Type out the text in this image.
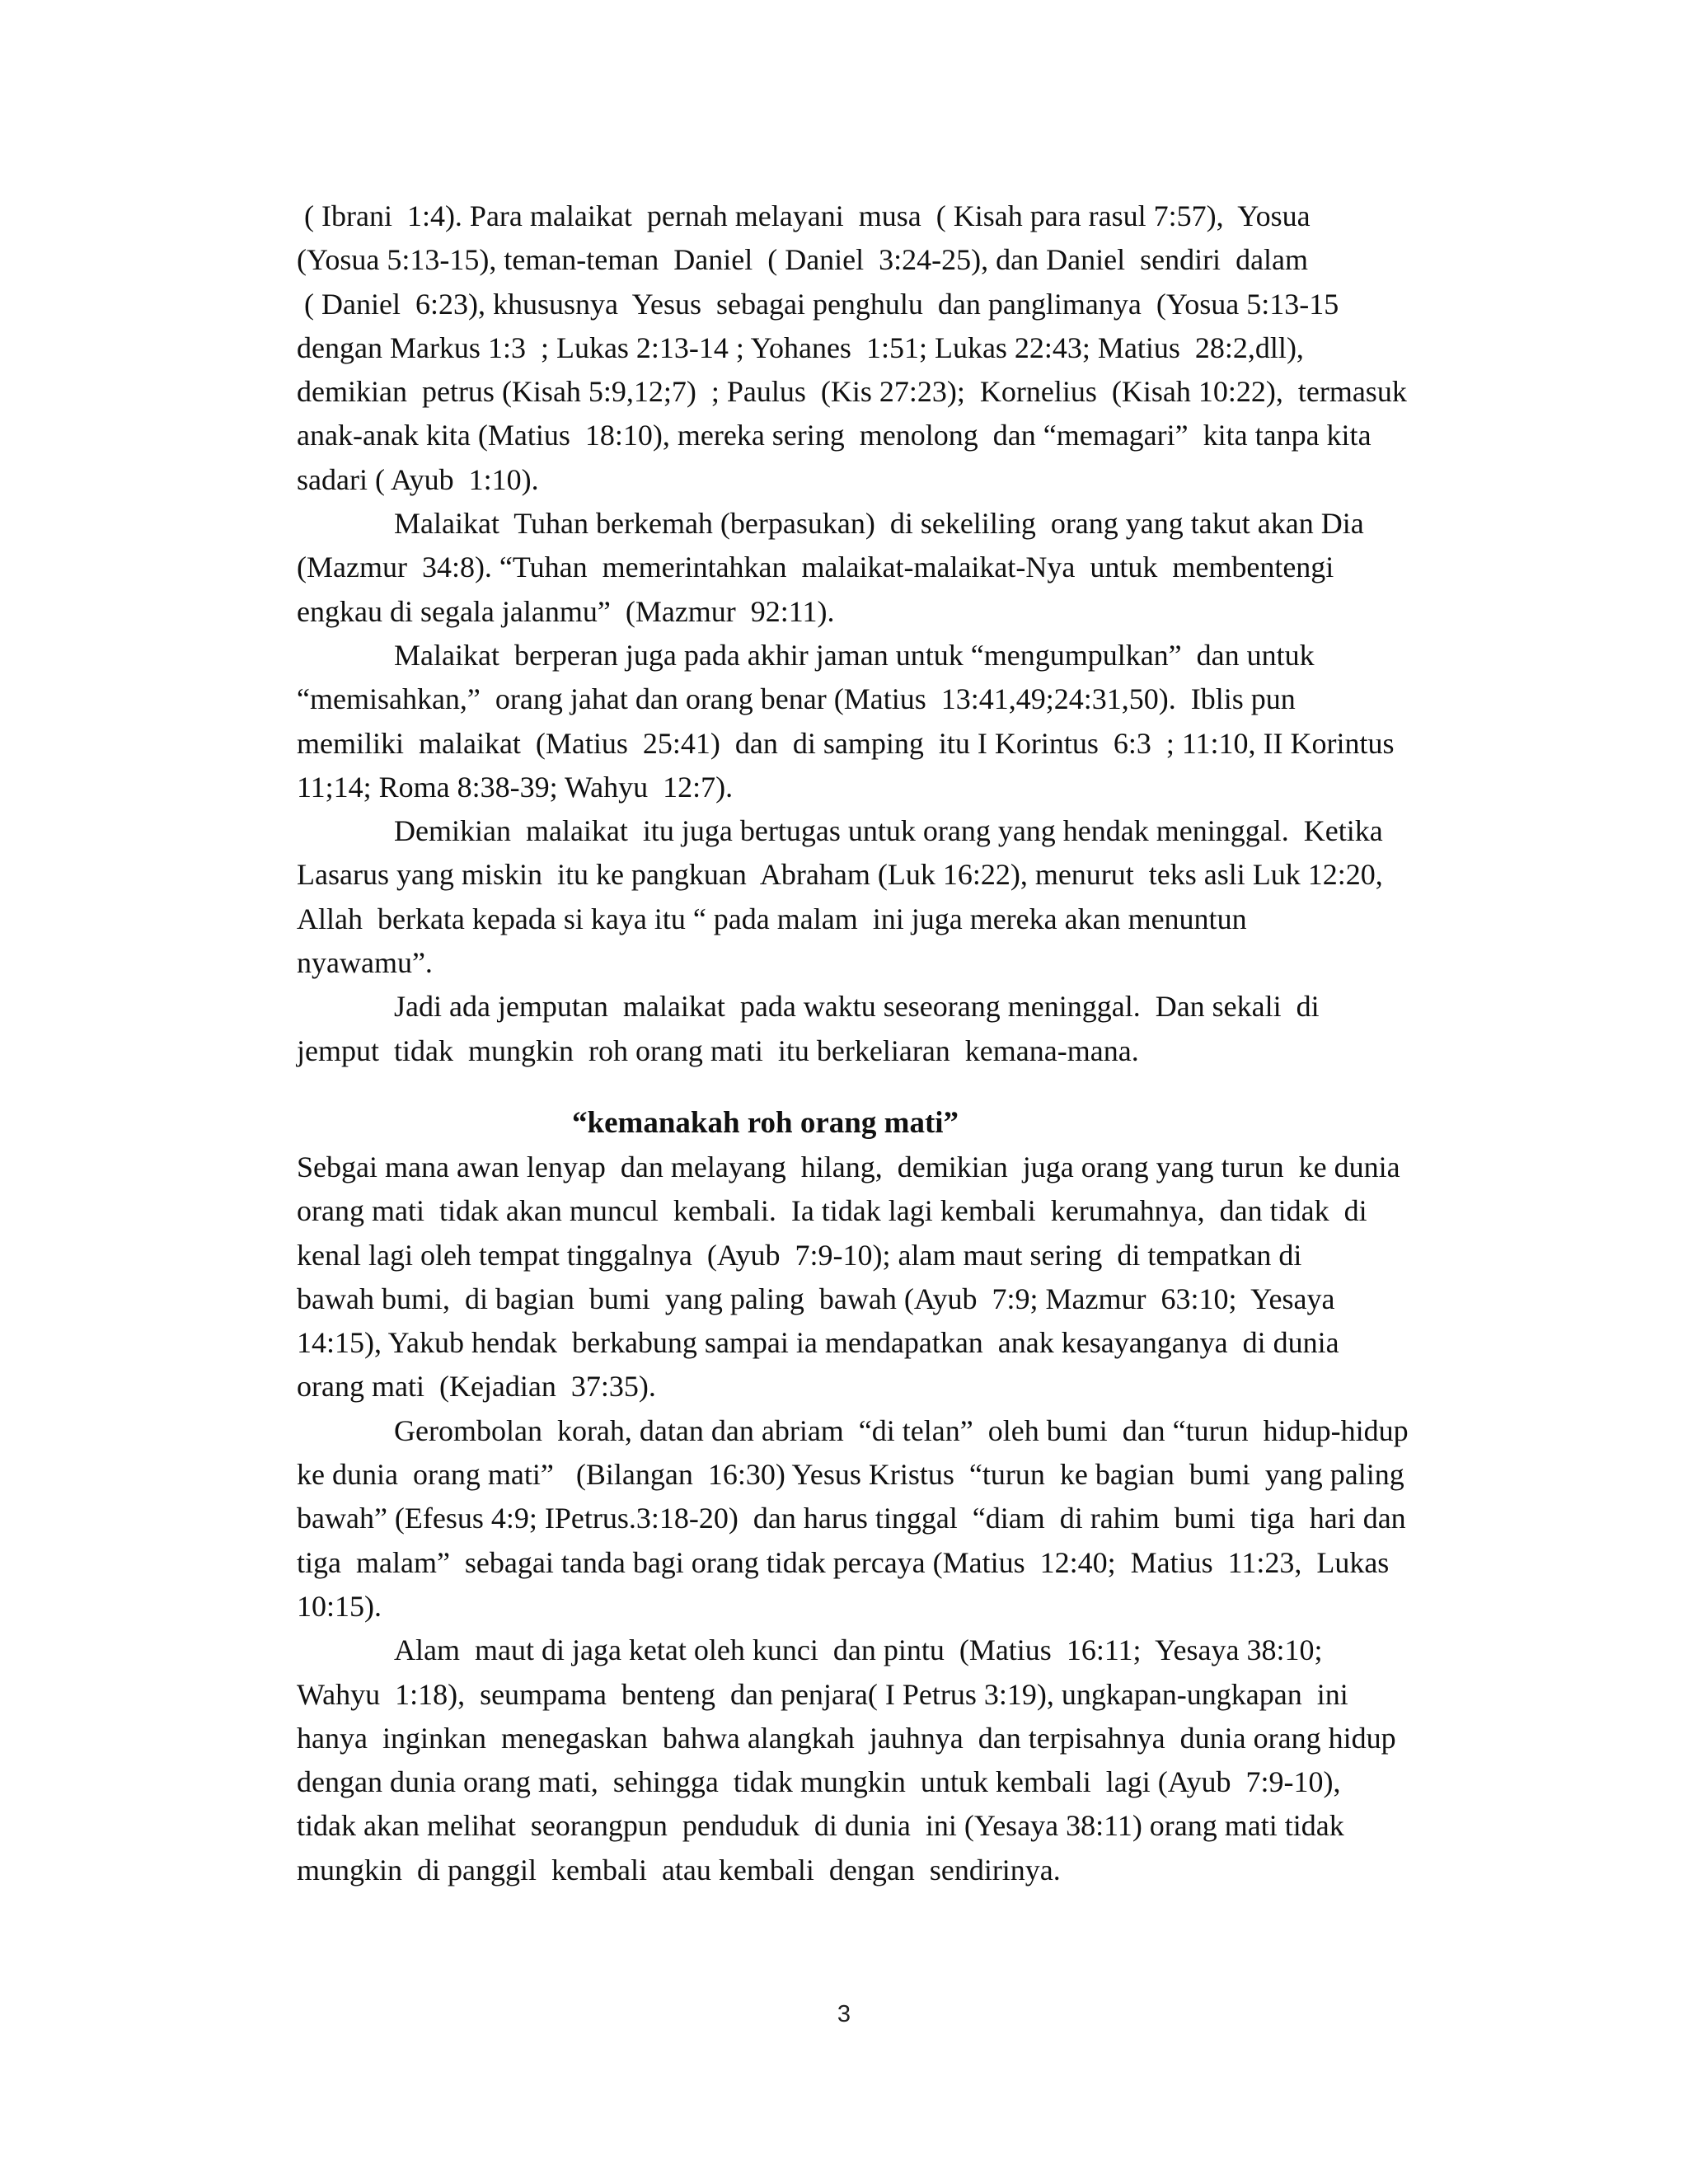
( Ibrani  1:4). Para malaikat  pernah melayani  musa  ( Kisah para rasul 7:57),  Yosua
(Yosua 5:13-15), teman-teman  Daniel  ( Daniel  3:24-25), dan Daniel  sendiri  dalam
( Daniel  6:23), khususnya  Yesus  sebagai penghulu  dan panglimanya  (Yosua 5:13-15
dengan Markus 1:3  ; Lukas 2:13-14 ; Yohanes  1:51; Lukas 22:43; Matius  28:2,dll),
demikian  petrus (Kisah 5:9,12;7)  ; Paulus  (Kis 27:23);  Kornelius  (Kisah 10:22),  termasuk
anak-anak kita (Matius  18:10), mereka sering  menolong  dan “memagari”  kita tanpa kita
sadari ( Ayub  1:10).
Malaikat  Tuhan berkemah (berpasukan)  di sekeliling  orang yang takut akan Dia
(Mazmur  34:8). “Tuhan  memerintahkan  malaikat-malaikat-Nya  untuk  membentengi
engkau di segala jalanmu”  (Mazmur  92:11).
Malaikat  berperan juga pada akhir jaman untuk “mengumpulkan”  dan untuk
“memisahkan,”  orang jahat dan orang benar (Matius  13:41,49;24:31,50).  Iblis pun
memiliki  malaikat  (Matius  25:41)  dan  di samping  itu I Korintus  6:3  ; 11:10, II Korintus
11;14; Roma 8:38-39; Wahyu  12:7).
Demikian  malaikat  itu juga bertugas untuk orang yang hendak meninggal.  Ketika
Lasarus yang miskin  itu ke pangkuan  Abraham (Luk 16:22), menurut  teks asli Luk 12:20,
Allah  berkata kepada si kaya itu “ pada malam  ini juga mereka akan menuntun
nyawamu”.
Jadi ada jemputan  malaikat  pada waktu seseorang meninggal.  Dan sekali  di
jemput  tidak  mungkin  roh orang mati  itu berkeliaran  kemana-mana.
“kemanakah roh orang mati”
Sebgai mana awan lenyap  dan melayang  hilang,  demikian  juga orang yang turun  ke dunia
orang mati  tidak akan muncul  kembali.  Ia tidak lagi kembali  kerumahnya,  dan tidak  di
kenal lagi oleh tempat tinggalnya  (Ayub  7:9-10); alam maut sering  di tempatkan di
bawah bumi,  di bagian  bumi  yang paling  bawah (Ayub  7:9; Mazmur  63:10;  Yesaya
14:15), Yakub hendak  berkabung sampai ia mendapatkan  anak kesayanganya  di dunia
orang mati  (Kejadian  37:35).
Gerombolan  korah, datan dan abriam  “di telan”  oleh bumi  dan “turun  hidup-hidup
ke dunia  orang mati”   (Bilangan  16:30) Yesus Kristus  “turun  ke bagian  bumi  yang paling
bawah” (Efesus 4:9; IPetrus.3:18-20)  dan harus tinggal  “diam  di rahim  bumi  tiga  hari dan
tiga  malam”  sebagai tanda bagi orang tidak percaya (Matius  12:40;  Matius  11:23,  Lukas
10:15).
Alam  maut di jaga ketat oleh kunci  dan pintu  (Matius  16:11;  Yesaya 38:10;
Wahyu  1:18),  seumpama  benteng  dan penjara( I Petrus 3:19), ungkapan-ungkapan  ini
hanya  inginkan  menegaskan  bahwa alangkah  jauhnya  dan terpisahnya  dunia orang hidup
dengan dunia orang mati,  sehingga  tidak mungkin  untuk kembali  lagi (Ayub  7:9-10),
tidak akan melihat  seorangpun  penduduk  di dunia  ini (Yesaya 38:11) orang mati tidak
mungkin  di panggil  kembali  atau kembali  dengan  sendirinya.
3
